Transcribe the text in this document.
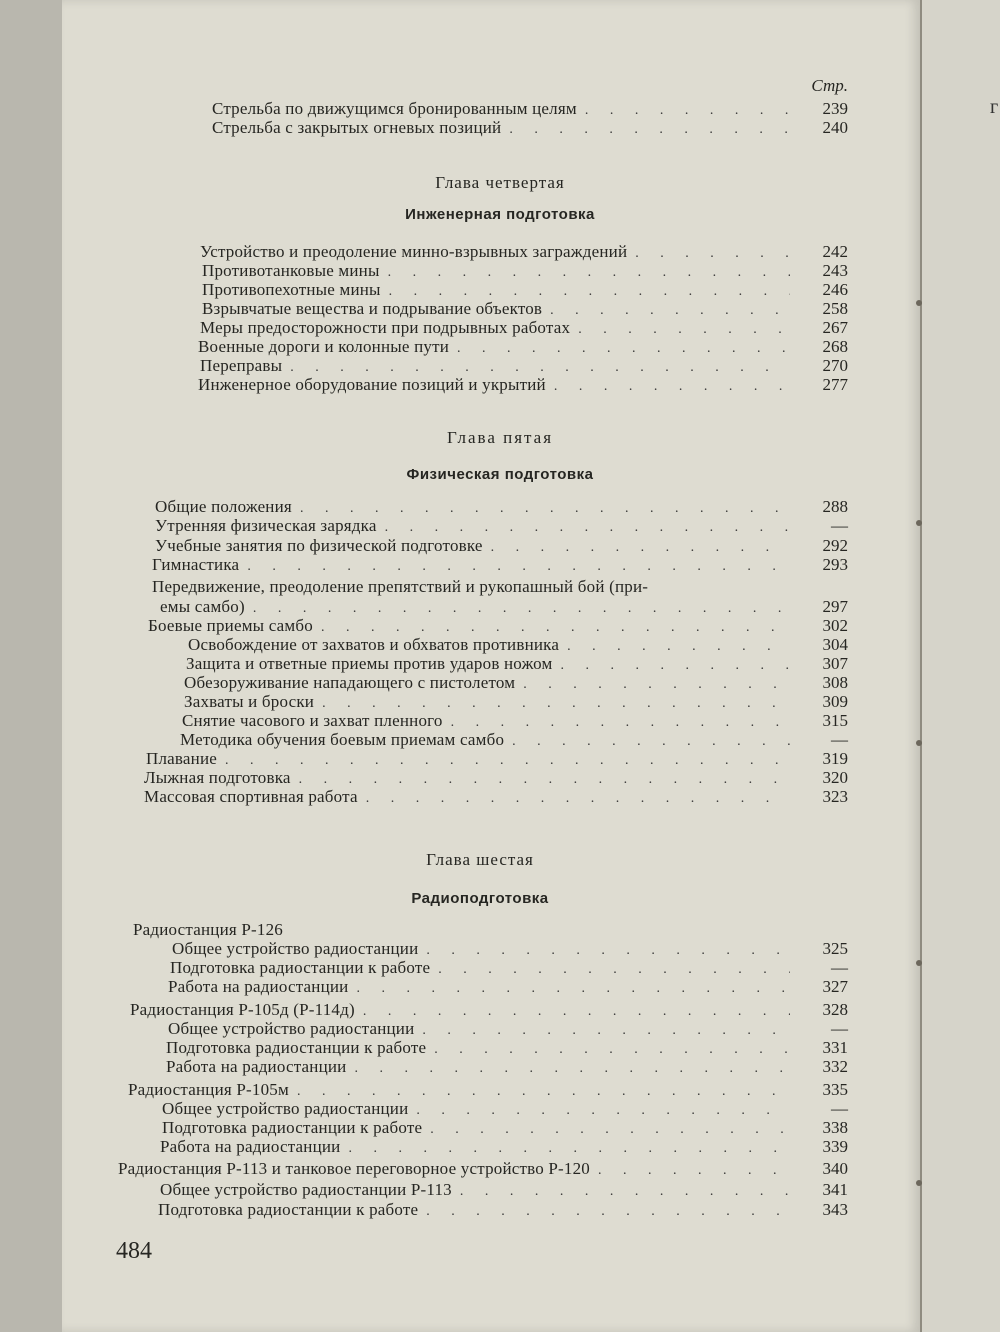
г
Стр.
Стрельба по движущимся бронированным целям . . .	239
Стрельба с закрытых огневых позиций . . .	240
Глава четвертая
Инженерная подготовка
Устройство и преодоление минно-взрывных заграждений . . .	242
Противотанковые мины . . .	243
Противопехотные мины . . .	246
Взрывчатые вещества и подрывание объектов . . .	258
Меры предосторожности при подрывных работах . . .	267
Военные дороги и колонные пути . . .	268
Переправы . . .	270
Инженерное оборудование позиций и укрытий . . .	277
Глава пятая
Физическая подготовка
Общие положения . . .	288
Утренняя физическая зарядка . . .	—
Учебные занятия по физической подготовке . . .	292
Гимнастика . . .	293
Передвижение, преодоление препятствий и рукопашный бой (при-
емы самбо) . . .	297
Боевые приемы самбо . . .	302
Освобождение от захватов и обхватов противника . . .	304
Защита и ответные приемы против ударов ножом . . .	307
Обезоруживание нападающего с пистолетом . . .	308
Захваты и броски . . .	309
Снятие часового и захват пленного . . .	315
Методика обучения боевым приемам самбо . . .	—
Плавание . . .	319
Лыжная подготовка . . .	320
Массовая спортивная работа . . .	323
Глава шестая
Радиоподготовка
Радиостанция Р-126
Общее устройство радиостанции . . .	325
Подготовка радиостанции к работе . . .	—
Работа на радиостанции . . .	327
Радиостанция Р-105д (Р-114д) . . .	328
Общее устройство радиостанции . . .	—
Подготовка радиостанции к работе . . .	331
Работа на радиостанции . . .	332
Радиостанция Р-105м . . .	335
Общее устройство радиостанции . . .	—
Подготовка радиостанции к работе . . .	338
Работа на радиостанции . . .	339
Радиостанция Р-113 и танковое переговорное устройство Р-120 . . .	340
Общее устройство радиостанции Р-113 . . .	341
Подготовка радиостанции к работе . . .	343
484
